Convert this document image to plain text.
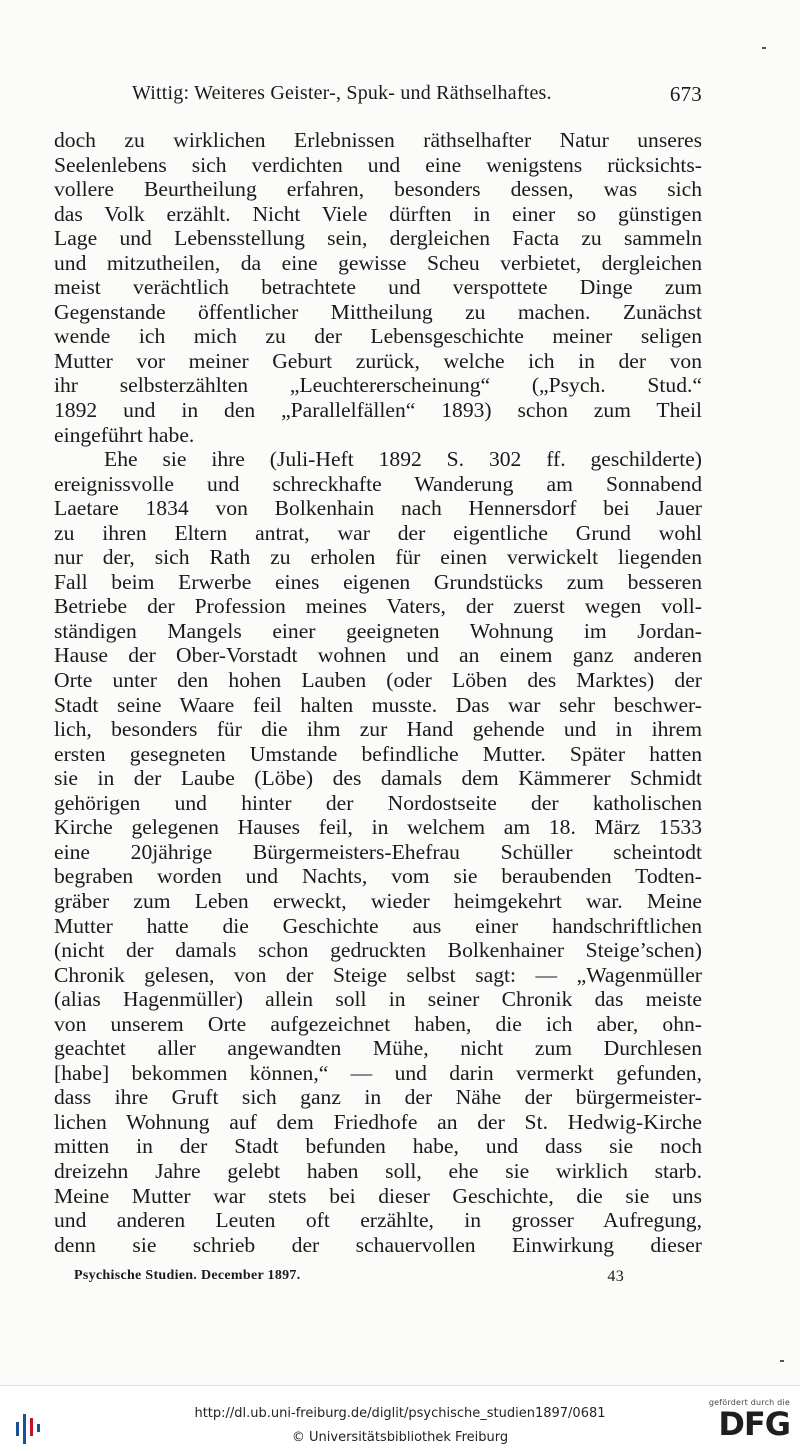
Wittig: Weiteres Geister-, Spuk- und Räthselhaftes.	673
doch zu wirklichen Erlebnissen räthselhafter Natur unseres
Seelenlebens sich verdichten und eine wenigstens rücksichts-
vollere Beurtheilung erfahren, besonders dessen, was sich
das Volk erzählt. Nicht Viele dürften in einer so günstigen
Lage und Lebensstellung sein, dergleichen Facta zu sammeln
und mitzutheilen, da eine gewisse Scheu verbietet, dergleichen
meist verächtlich betrachtete und verspottete Dinge zum
Gegenstande öffentlicher Mittheilung zu machen. Zunächst
wende ich mich zu der Lebensgeschichte meiner seligen
Mutter vor meiner Geburt zurück, welche ich in der von
ihr selbsterzählten „Leuchtererscheinung“ („Psych. Stud.“
1892 und in den „Parallelfällen“ 1893) schon zum Theil
eingeführt habe.
Ehe sie ihre (Juli-Heft 1892 S. 302 ff. geschilderte)
ereignissvolle und schreckhafte Wanderung am Sonnabend
Laetare 1834 von Bolkenhain nach Hennersdorf bei Jauer
zu ihren Eltern antrat, war der eigentliche Grund wohl
nur der, sich Rath zu erholen für einen verwickelt liegenden
Fall beim Erwerbe eines eigenen Grundstücks zum besseren
Betriebe der Profession meines Vaters, der zuerst wegen voll-
ständigen Mangels einer geeigneten Wohnung im Jordan-
Hause der Ober-Vorstadt wohnen und an einem ganz anderen
Orte unter den hohen Lauben (oder Löben des Marktes) der
Stadt seine Waare feil halten musste. Das war sehr beschwer-
lich, besonders für die ihm zur Hand gehende und in ihrem
ersten gesegneten Umstande befindliche Mutter. Später hatten
sie in der Laube (Löbe) des damals dem Kämmerer Schmidt
gehörigen und hinter der Nordostseite der katholischen
Kirche gelegenen Hauses feil, in welchem am 18. März 1533
eine 20jährige Bürgermeisters-Ehefrau Schüller scheintodt
begraben worden und Nachts, vom sie beraubenden Todten-
gräber zum Leben erweckt, wieder heimgekehrt war. Meine
Mutter hatte die Geschichte aus einer handschriftlichen
(nicht der damals schon gedruckten Bolkenhainer Steige’schen)
Chronik gelesen, von der Steige selbst sagt: — „Wagenmüller
(alias Hagenmüller) allein soll in seiner Chronik das meiste
von unserem Orte aufgezeichnet haben, die ich aber, ohn-
geachtet aller angewandten Mühe, nicht zum Durchlesen
[habe] bekommen können,“ — und darin vermerkt gefunden,
dass ihre Gruft sich ganz in der Nähe der bürgermeister-
lichen Wohnung auf dem Friedhofe an der St. Hedwig-Kirche
mitten in der Stadt befunden habe, und dass sie noch
dreizehn Jahre gelebt haben soll, ehe sie wirklich starb.
Meine Mutter war stets bei dieser Geschichte, die sie uns
und anderen Leuten oft erzählte, in grosser Aufregung,
denn sie schrieb der schauervollen Einwirkung dieser
Psychische Studien. December 1897.	43
http://dl.ub.uni-freiburg.de/diglit/psychische_studien1897/0681
© Universitätsbibliothek Freiburg
gefördert durch die
DFG
